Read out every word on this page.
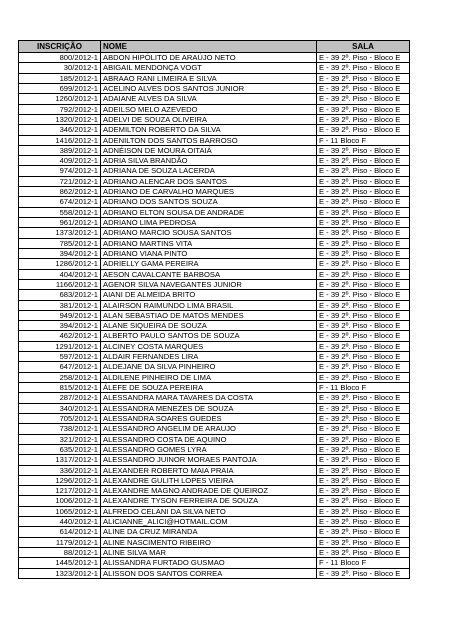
INSCRIÇÃO	NOME	SALA
800/2012-1	ABDON HIPÓLITO DE ARAÚJO NETO	E - 39 2º. Piso - Bloco E
30/2012-1	ABIGAIL MENDONÇA VOGT	E - 39 2º. Piso - Bloco E
185/2012-1	ABRAAO RANI LIMEIRA E SILVA	E - 39 2º. Piso - Bloco E
699/2012-1	ACELINO ALVES DOS SANTOS JUNIOR	E - 39 2º. Piso - Bloco E
1260/2012-1	ADAIANE ALVES DA SILVA	E - 39 2º. Piso - Bloco E
792/2012-1	ADEILSO MELO AZEVEDO	E - 39 2º. Piso - Bloco E
1320/2012-1	ADELVI DE SOUZA OLIVEIRA	E - 39 2º. Piso - Bloco E
346/2012-1	ADEMILTON ROBERTO DA SILVA	E - 39 2º. Piso - Bloco E
1416/2012-1	ADENILTON DOS SANTOS BARROSO	F - 11 Bloco F
389/2012-1	ADNÉISON DE MOURA OITAIÁ	E - 39 2º. Piso - Bloco E
409/2012-1	ADRIA SILVA BRANDÃO	E - 39 2º. Piso - Bloco E
974/2012-1	ADRIANA DE SOUZA LACERDA	E - 39 2º. Piso - Bloco E
721/2012-1	ADRIANO ALENCAR DOS SANTOS	E - 39 2º. Piso - Bloco E
862/2012-1	ADRIANO DE CARVALHO MARQUES	E - 39 2º. Piso - Bloco E
674/2012-1	ADRIANO DOS SANTOS SOUZA	E - 39 2º. Piso - Bloco E
558/2012-1	ADRIANO ELTON SOUSA DE ANDRADE	E - 39 2º. Piso - Bloco E
961/2012-1	ADRIANO LIMA PEDROSA	E - 39 2º. Piso - Bloco E
1373/2012-1	ADRIANO MARCIO SOUSA SANTOS	E - 39 2º. Piso - Bloco E
785/2012-1	ADRIANO MARTINS VITA	E - 39 2º. Piso - Bloco E
394/2012-1	ADRIANO VIANA PINTO	E - 39 2º. Piso - Bloco E
1286/2012-1	ADRIELLY GAMA PEREIRA	E - 39 2º. Piso - Bloco E
404/2012-1	AESON CAVALCANTE BARBOSA	E - 39 2º. Piso - Bloco E
1166/2012-1	AGENOR SILVA NAVEGANTES JUNIOR	E - 39 2º. Piso - Bloco E
683/2012-1	AIANI DE ALMEIDA BRITO	E - 39 2º. Piso - Bloco E
381/2012-1	ALAIRSON RAIMUNDO LIMA BRASIL	E - 39 2º. Piso - Bloco E
949/2012-1	ALAN SEBASTIAO DE MATOS MENDES	E - 39 2º. Piso - Bloco E
394/2012-1	ALANE SIQUEIRA DE SOUZA	E - 39 2º. Piso - Bloco E
462/2012-1	ALBERTO PAULO SANTOS DE SOUZA	E - 39 2º. Piso - Bloco E
1291/2012-1	ALCINEY COSTA MARQUES	E - 39 2º. Piso - Bloco E
597/2012-1	ALDAIR FERNANDES LIRA	E - 39 2º. Piso - Bloco E
647/2012-1	ALDEJANE DA SILVA PINHEIRO	E - 39 2º. Piso - Bloco E
258/2012-1	ALDILENE PINHEIRO DE LIMA	E - 39 2º. Piso - Bloco E
815/2012-1	ÁLEFE DE SOUZA PEREIRA	F - 11 Bloco F
287/2012-1	ALESSANDRA MARA TAVARES DA COSTA	E - 39 2º. Piso - Bloco E
340/2012-1	ALESSANDRA MENEZES DE SOUZA	E - 39 2º. Piso - Bloco E
705/2012-1	ALESSANDRA SOARES GUEDES	E - 39 2º. Piso - Bloco E
738/2012-1	ALESSANDRO ANGELIM DE ARAUJO	E - 39 2º. Piso - Bloco E
321/2012-1	ALESSANDRO COSTA DE AQUINO	E - 39 2º. Piso - Bloco E
635/2012-1	ALESSANDRO GOMES LYRA	E - 39 2º. Piso - Bloco E
1317/2012-1	ALESSANDRO JUINOR MORAES PANTOJA	E - 39 2º. Piso - Bloco E
336/2012-1	ALEXANDER ROBERTO MAIA PRAIA	E - 39 2º. Piso - Bloco E
1296/2012-1	ALEXANDRE GULITH LOPES VIEIRA	E - 39 2º. Piso - Bloco E
1217/2012-1	ALEXANDRE MAGNO ANDRADE DE QUEIROZ	E - 39 2º. Piso - Bloco E
1006/2012-1	ALEXANDRE TYSON FERREIRA DE SOUZA	E - 39 2º. Piso - Bloco E
1065/2012-1	ALFREDO CELANI DA SILVA NETO	E - 39 2º. Piso - Bloco E
440/2012-1	ALICIANNE_ALICI@HOTMAIL.COM	E - 39 2º. Piso - Bloco E
614/2012-1	ALINE DA CRUZ MIRANDA	E - 39 2º. Piso - Bloco E
1179/2012-1	ALINE NASCIMENTO RIBEIRO	E - 39 2º. Piso - Bloco E
88/2012-1	ALINE SILVA MAR	E - 39 2º. Piso - Bloco E
1445/2012-1	ALISSANDRA FURTADO GUSMAO	F - 11 Bloco F
1323/2012-1	ALISSON DOS SANTOS CORREA	E - 39 2º. Piso - Bloco E
